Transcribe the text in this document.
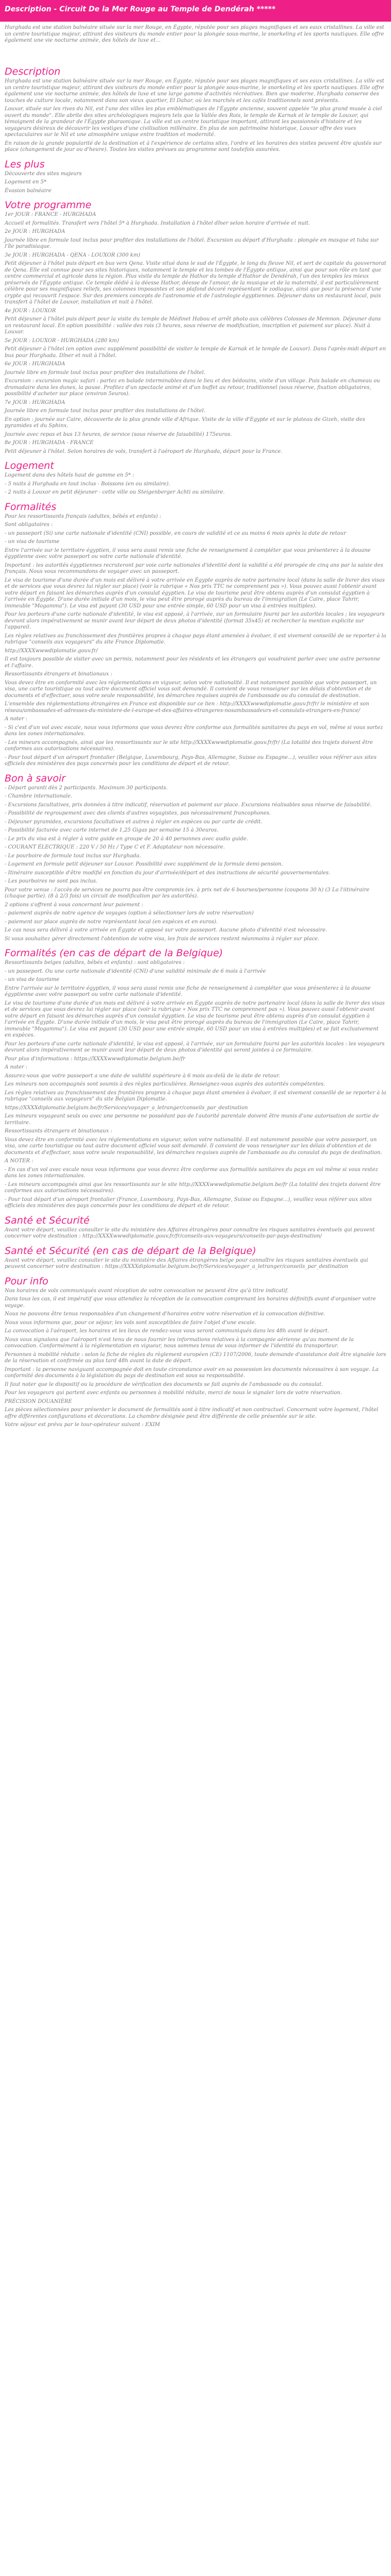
Description - Circuit De la Mer Rouge au Temple de Dendérah *****

Hurghada est une station balnéaire située sur la mer Rouge, en Égypte, réputée pour ses plages magnifiques et ses eaux cristallines. La ville est un centre touristique majeur, attirant des visiteurs du monde entier pour la plongée sous-marine, le snorkeling et les sports nautiques. Elle offre également une vie nocturne animée, des hôtels de luxe et...

Description

Hurghada est une station balnéaire située sur la mer Rouge, en Égypte, réputée pour ses plages magnifiques et ses eaux cristallines. La ville est un centre touristique majeur, attirant des visiteurs du monde entier pour la plongée sous-marine, le snorkeling et les sports nautiques. Elle offre également une vie nocturne animée, des hôtels de luxe et une large gamme d'activités récréatives. Bien que moderne, Hurghada conserve des touches de culture locale, notamment dans son vieux quartier, El Dahar, où les marchés et les cafés traditionnels sont présents.

Louxor, située sur les rives du Nil, est l'une des villes les plus emblématiques de l'Égypte ancienne, souvent appelée "le plus grand musée à ciel ouvert du monde". Elle abrite des sites archéologiques majeurs tels que la Vallée des Rois, le temple de Karnak et le temple de Louxor, qui témoignent de la grandeur de l'Égypte pharaonique. La ville est un centre touristique important, attirant les passionnés d'histoire et les voyageurs désireux de découvrir les vestiges d'une civilisation millénaire. En plus de son patrimoine historique, Louxor offre des vues spectaculaires sur le Nil et une atmosphère unique entre tradition et modernité.

En raison de la grande popularité de la destination et à l'expérience de certains sites, l'ordre et les horaires des visites peuvent être ajustés sur place (changement de jour ou d'heure). Toutes les visites prévues au programme sont toutefois assurées.

Les plus

Découverte des sites majeurs

Logement en 5*

Évasion balnéaire

Votre programme

1er JOUR : FRANCE - HURGHADA

Accueil et formalités. Transfert vers l'hôtel 5* à Hurghada. Installation à l'hôtel dîner selon horaire d'arrivée et nuit.

2e JOUR : HURGHADA

Journée libre en formule tout inclus pour profiter des installations de l'hôtel. Excursion au départ d'Hurghada : plongée en masque et tuba sur l'île paradisiaque.

3e JOUR : HURGHADA - QENA - LOUXOR (300 km)

Petit déjeuner à l'hôtel puis départ en bus vers Qena. Visite situé dans le sud de l'Égypte, le long du fleuve Nil, et sert de capitale du gouvernorat de Qena. Elle est connue pour ses sites historiques, notamment le temple et les tombes de l'Égypte antique, ainsi que pour son rôle en tant que centre commercial et agricole dans la région. Plus visite du temple de Hathor du temple d'Hathor de Dendérah, l'un des temples les mieux préservés de l'Égypte antique. Ce temple dédié à la déesse Hathor, déesse de l'amour, de la musique et de la maternité, il est particulièrement célèbre pour ses magnifiques reliefs, ses colonnes imposantes et son plafond décoré représentant le zodiaque, ainsi que pour la présence d'une crypte qui recouvrit l'espace. Sur des premiers concepts de l'astronomie et de l'astrologie égyptiennes. Déjeuner dans un restaurant local, puis transfert à l'hôtel de Louxor, installation et nuit à l'hôtel.

4e JOUR : LOUXOR

Petit déjeuner à l'hôtel puis départ pour la visite du temple de Médinet Habou et arrêt photo aux célèbres Colosses de Memnon. Déjeuner dans un restaurant local. En option possibilité : vallée des rois (3 heures, sous réserve de modification, inscription et paiement sur place). Nuit à Louxor.

5e JOUR : LOUXOR - HURGHADA (280 km)

Petit déjeuner à l'hôtel (en option avec supplément possibilité de visiter le temple de Karnak et le temple de Louxor). Dans l'après-midi départ en bus pour Hurghada. Dîner et nuit à l'hôtel.

6e JOUR : HURGHADA

Journée libre en formule tout inclus pour profiter des installations de l'hôtel.

Excursion : excursion magic safari : partez en balade interminables dans le lieu et des bédouins, visite d'un village. Puis balade en chameau ou dromadaire dans les dunes, la pause. Profitez d'un spectacle animé et d'un buffet au retour, traditionnel (sous réserve, fixation obligatoires, possibilité d'acheter sur place (environ 5euros).

7e JOUR : HURGHADA

Journée libre en formule tout inclus pour profiter des installations de l'hôtel.

En option : journée sur Caire, découverte de la plus grande ville d'Afrique. Visite de la ville d'Egypte et sur le plateau de Gizeh, visite des pyramides et du Sphinx.

Journée avec repas et bus 13 heures, de service (sous réserve de faisabilité) 175euros.

8e JOUR : HURGHADA - FRANCE

Petit déjeuner à l'hôtel. Selon horaires de vols, transfert à l'aéroport de Hurghada, départ pour la France.

Logement

Logement dans des hôtels haut de gamme en 5* :

- 5 nuits à Hurghada en tout inclus - Boissons (en ou similaire).

- 2 nuits à Louxor en petit déjeuner - cette ville ou Steigenberger Achti ou similaire.

Formalités

Pour les ressortissants français (adultes, bébés et enfants) :

Sont obligatoires :

- un passeport (Si) une carte nationale d'identité (CNI) possible, en cours de validité et ce au moins 6 mois après la date de retour

- un visa de tourisme

Entre l'arrivée sur le territoire égyptien, il vous sera aussi remis une fiche de renseignement à compléter que vous présenterez à la douane égyptienne avec votre passeport ou votre carte nationale d'identité.

Important : les autorités égyptiennes recruteront par voie carte nationales d'identité dont la validité a été prorogée de cinq ans par la saisie des français. Nous vous recommandons de voyager avec un passeport.

Le visa de tourisme d'une durée d'un mois est délivré à votre arrivée en Égypte auprès de notre partenaire local (dans la salle de livrer des visas et de services que vous devrez lui régler sur place) (voir la rubrique « Nos prix TTC ne comprennent pas »). Vous pouvez aussi l'obtenir avant votre départ en faisant les démarches auprès d'un consulat égyptien. Le visa de tourisme peut être obtenu auprès d'un consulat égyptien à l'arrivée en Égypte. D'une durée initiale d'un mois, le visa peut être prorogé auprès du bureau de l'immigration (Le Caire, place Tahrir, immeuble "Mogamma"). Le visa est payant (30 USD pour une entrée simple, 60 USD pour un visa à entrées multiples).

Pour les porteurs d'une carte nationale d'identité, le visa est apposé, à l'arrivée, sur un formulaire fourni par les autorités locales ; les voyageurs devront alors impérativement se munir avant leur départ de deux photos d'identité (format 35x45) et rechercher la mention explicite sur l'appareil.

Les règles relatives au franchissement des frontières propres à chaque pays étant amenées à évoluer, il est vivement conseillé de se reporter à la rubrique "conseils aux voyageurs" du site France Diplomatie.

http://XXXXwwwdiplomatie.gouv.fr/

Il est toujours possible de visiter avec un permis, notamment pour les résidents et les étrangers qui voudraient parler avec une autre personne et l'affaire.

Ressortissants étrangers et binationaux :

Vous devez être en conformité avec les réglementations en vigueur, selon votre nationalité. Il est notamment possible que votre passeport, un visa, une carte touristique ou tout autre document officiel vous soit demandé. Il convient de vous renseigner sur les délais d'obtention et de documents et d'effectuer, sous votre seule responsabilité, les démarches requises auprès de l'ambassade ou du consulat de destination.

L'ensemble des réglementations étrangères en France est disponible sur ce lien : http://XXXXwwwdiplomatie.gouv.fr/fr/ le ministère et son réseau/ambassades-et-adresses-du-ministere-de-l-europe-et-des-affaires-etrangeres-nosambassadeurs-et-consulats-etrangers-en-france/

A noter :

- Si c'est d'un vol avec escale, nous vous informons que vous devrez être conforme aux formalités sanitaires du pays en vol, même si vous sortez dans les zones internationales.

- Les mineurs accompagnés, ainsi que les ressortissants sur le site http://XXXXwwwdiplomatie.gouv.fr/fr/ (La totalité des trajets doivent être conformes aux autorisations nécessaires).

- Pour tout départ d'un aéroport frontalier (Belgique, Luxembourg, Pays-Bas, Allemagne, Suisse ou Espagne...), veuillez vous référer aux sites officiels des ministères des pays concernés pour les conditions de départ et de retour.

Bon à savoir

- Départ garanti dès 2 participants. Maximum 30 participants.

- Chambre internationale.

- Excursions facultatives, prix données à titre indicatif, réservation et paiement sur place. Excursions réalisables sous réserve de faisabilité.

- Possibilité de regroupement avec des clients d'autres voyagistes, pas nécessairement francophones.

- Déjeuner pyramides, excursions facultatives et autres à régler en espèces ou par carte de crédit.

- Possibilité facturée avec carte internet de 1,25 Gigas par semaine 15 à 30euros.

- Le prix du visa est à régler à votre guide en groupe de 20 à 40 personnes avec audio guide.

- COURANT ÉLECTRIQUE : 220 V / 50 Hz / Type C et F. Adaptateur non nécessaire.

- Le pourboire de formule tout inclus sur Hurghada.

- Logement en formule petit déjeuner sur Louxor. Possibilité avec supplément de la formule demi-pension.

- Itinéraire susceptible d'être modifié en fonction du jour d'arrivée/départ et des instructions de sécurité gouvernementales.

- Les pourboires ne sont pas inclus.

Pour votre venue : l'accès de services ne pourra pas être compromis (ex. à prix net de 6 bourses/personne (coupons 30 h) (3 La l'iitinéraire (chaque partie). (8 à 2/3 fois) un circuit de modification par les autorités).

2 options s'offrent à vous concernant leur paiement :

- paiement auprès de notre agence de voyages (option à sélectionner lors de votre réservation)

- paiement sur place auprès de notre représentant local (en espèces et en euros).

Le cas nous sera délivré à votre arrivée en Égypte et apposé sur votre passeport. Aucune photo d'identité n'est nécessaire.

Si vous souhaitez gérer directement l'obtention de votre visa, les frais de services restent néanmoins à régler sur place.

Formalités (en cas de départ de la Belgique)

Ressortissants belges (adultes, bébés et enfants) : sont obligatoires :

- un passeport. Ou une carte nationale d'identité (CNI) d'une validité minimale de 6 mois à l'arrivée

- un visa de tourisme

Entre l'arrivée sur le territoire égyptien, il vous sera aussi remis une fiche de renseignement à compléter que vous présenterez à la douane égyptienne avec votre passeport ou votre carte nationale d'identité.

Le visa de tourisme d'une durée d'un mois est délivré à votre arrivée en Égypte auprès de notre partenaire local (dans la salle de livrer des visas et de services que vous devrez lui régler sur place (voir la rubrique « Nos prix TTC ne comprennent pas »). Vous pouvez aussi l'obtenir avant votre départ en faisant les démarches auprès d'un consulat égyptien. Le visa de tourisme peut être obtenu auprès d'un consulat égyptien à l'arrivée en Égypte. D'une durée initiale d'un mois, le visa peut être prorogé auprès du bureau de l'immigration (Le Caire, place Tahrir, immeuble "Mogamma"). Le visa est payant (30 USD pour une entrée simple, 60 USD pour un visa à entrées multiples) et se fait exclusivement en espèces.

Pour les porteurs d'une carte nationale d'identité, le visa est apposé, à l'arrivée, sur un formulaire fourni par les autorités locales : les voyageurs devront alors impérativement se munir avant leur départ de deux photos d'identité qui seront jointes à ce formulaire.

Pour plus d'informations : https://XXXXwwwdiplomatie.belgium.be/fr

A noter :

Assurez-vous que votre passeport a une date de validité supérieure à 6 mois au-delà de la date de retour.

Les mineurs non accompagnés sont soumis à des règles particulières. Renseignez-vous auprès des autorités compétentes.

Les règles relatives au franchissement des frontières propres à chaque pays étant amenées à évoluer, il est vivement conseillé de se reporter à la rubrique "conseils aux voyageurs" du site Belgian Diplomatie.

https://XXXXdiplomatie.belgium.be/fr/Services/voyager_a_letranger/conseils_par_destination

Les mineurs voyageant seuls ou avec une personne ne possédant pas de l'autorité parentale doivent être munis d'une autorisation de sortie de territoire.

Ressortissants étrangers et binationaux :

Vous devez être en conformité avec les réglementations en vigueur, selon votre nationalité. Il est notamment possible que votre passeport, un visa, une carte touristique ou tout autre document officiel vous soit demandé. Il convient de vous renseigner sur les délais d'obtention et de documents et d'effectuer, sous votre seule responsabilité, les démarches requises auprès de l'ambassade ou du consulat du pays de destination.

A NOTER :

- En cas d'un vol avec escale nous vous informons que vous devrez être conforme aux formalités sanitaires du pays en vol même si vous restez dans les zones internationales.

- Les mineurs accompagnés ainsi que les ressortissants sur le site http://XXXXwwwdiplomatie.belgium.be/fr (La totalité des trajets doivent être conformes aux autorisations nécessaires).

- Pour tout départ d'un aéroport frontalier (France, Luxembourg, Pays-Bas, Allemagne, Suisse ou Espagne...), veuillez vous référer aux sites officiels des ministères des pays concernés pour les conditions de départ et de retour.

Santé et Sécurité

Avant votre départ, veuillez consulter le site du ministère des Affaires étrangères pour connaître les risques sanitaires éventuels qui peuvent concerner votre destination : http://XXXXwwwdiplomatie.gouv.fr/fr/conseils-aux-voyageurs/conseils-par-pays-destination/

Santé et Sécurité (en cas de départ de la Belgique)

Avant votre départ, veuillez consulter le site du ministère des Affaires étrangères belge pour connaître les risques sanitaires éventuels qui peuvent concerner votre destination : https://XXXXdiplomatie.belgium.be/fr/Services/voyager_a_letranger/conseils_par_destination

Pour info

Nos horaires de vols communiqués avant réception de votre convocation ne peuvent être qu'à titre indicatif.

Dans tous les cas, il est impératif que vous attendiez la réception de la convocation comprenant les horaires définitifs avant d'organiser votre voyage.

Nous ne pouvons être tenus responsables d'un changement d'horaires entre votre réservation et la convocation définitive.

Nous vous informons que, pour ce séjour, les vols sont susceptibles de faire l'objet d'une escale.

La convocation à l'aéroport, les horaires et les lieux de rendez-vous vous seront communiqués dans les 48h avant le départ.

Nous vous signalons que l'aéroport n'est tenu de nous fournir les informations relatives à la compagnie aérienne qu'au moment de la convocation. Conformément à la réglementation en vigueur, nous sommes tenus de vous informer de l'identité du transporteur.

Personnes à mobilité réduite : selon la fiche de règles du règlement européen (CE) 1107/2006, toute demande d'assistance doit être signalée lors de la réservation et confirmée au plus tard 48h avant la date de départ.

Important : la personne naviguant accompagnée doit en toute circonstance avoir en sa possession les documents nécessaires à son voyage. La conformité des documents à la législation du pays de destination est sous sa responsabilité.

Il faut noter que le dispositif ou la procédure de vérification des documents se fait auprès de l'ambassade ou du consulat.

Pour les voyageurs qui partent avec enfants ou personnes à mobilité réduite, merci de nous le signaler lors de votre réservation.

PRÉCISION DOUANIÈRE

Les pièces sélectionnées pour présenter le document de formalités sont à titre indicatif et non contractuel. Concernant votre logement, l'hôtel offre différentes configurations et décorations. La chambre désignée peut être différente de celle présentée sur le site.

Votre séjour est prévu par le tour-opérateur suivant : EXIM
